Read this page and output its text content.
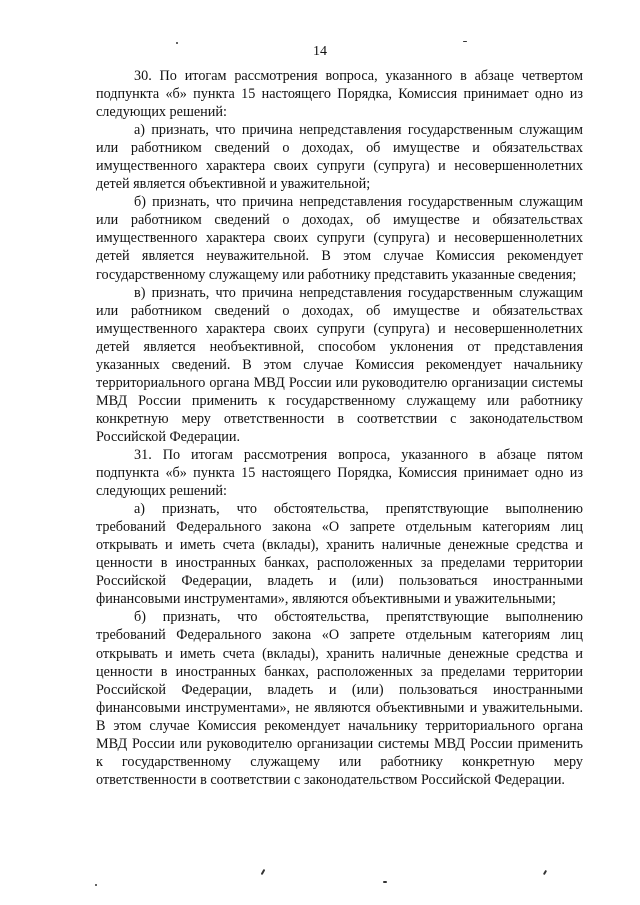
14

30. По итогам рассмотрения вопроса, указанного в абзаце четвертом подпункта «б» пункта 15 настоящего Порядка, Комиссия принимает одно из следующих решений:

а) признать, что причина непредставления государственным служащим или работником сведений о доходах, об имуществе и обязательствах имущественного характера своих супруги (супруга) и несовершеннолетних детей является объективной и уважительной;

б) признать, что причина непредставления государственным служащим или работником сведений о доходах, об имуществе и обязательствах имущественного характера своих супруги (супруга) и несовершеннолетних детей является неуважительной. В этом случае Комиссия рекомендует государственному служащему или работнику представить указанные сведения;

в) признать, что причина непредставления государственным служащим или работником сведений о доходах, об имуществе и обязательствах имущественного характера своих супруги (супруга) и несовершеннолетних детей является необъективной, способом уклонения от представления указанных сведений. В этом случае Комиссия рекомендует начальнику территориального органа МВД России или руководителю организации системы МВД России применить к государственному служащему или работнику конкретную меру ответственности в соответствии с законодательством Российской Федерации.

31. По итогам рассмотрения вопроса, указанного в абзаце пятом подпункта «б» пункта 15 настоящего Порядка, Комиссия принимает одно из следующих решений:

а) признать, что обстоятельства, препятствующие выполнению требований Федерального закона «О запрете отдельным категориям лиц открывать и иметь счета (вклады), хранить наличные денежные средства и ценности в иностранных банках, расположенных за пределами территории Российской Федерации, владеть и (или) пользоваться иностранными финансовыми инструментами», являются объективными и уважительными;

б) признать, что обстоятельства, препятствующие выполнению требований Федерального закона «О запрете отдельным категориям лиц открывать и иметь счета (вклады), хранить наличные денежные средства и ценности в иностранных банках, расположенных за пределами территории Российской Федерации, владеть и (или) пользоваться иностранными финансовыми инструментами», не являются объективными и уважительными. В этом случае Комиссия рекомендует начальнику территориального органа МВД России или руководителю организации системы МВД России применить к государственному служащему или работнику конкретную меру ответственности в соответствии с законодательством Российской Федерации.
